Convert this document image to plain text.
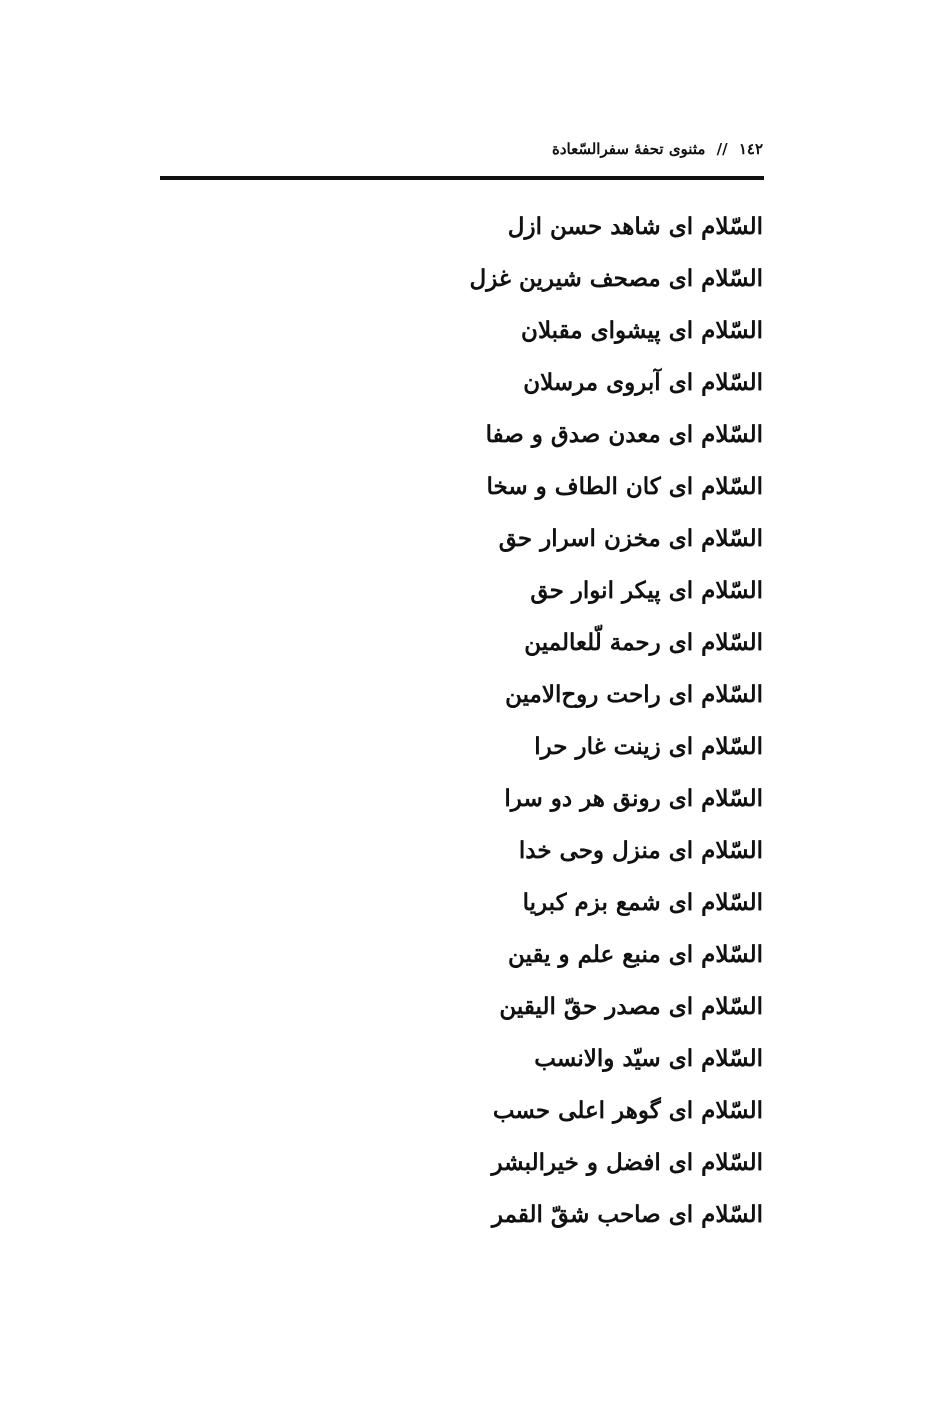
١٤٢ // مثنوی تحفهٔ سفرالسّعادة
السّلام ای شاهد حسن ازل
السّلام ای مصحف شیرین غزل
السّلام ای پیشوای مقبلان
السّلام ای آبروی مرسلان
السّلام ای معدن صدق و صفا
السّلام ای کان الطاف و سخا
السّلام ای مخزن اسرار حق
السّلام ای پیکر انوار حق
السّلام ای رحمة لّلعالمین
السّلام ای راحت روح‌الامین
السّلام ای زینت غار حرا
السّلام ای رونق هر دو سرا
السّلام ای منزل وحی خدا
السّلام ای شمع بزم کبریا
السّلام ای منبع علم و یقین
السّلام ای مصدر حقّ الیقین
السّلام ای سیّد والانسب
السّلام ای گوهر اعلی حسب
السّلام ای افضل و خیرالبشر
السّلام ای صاحب شقّ القمر
